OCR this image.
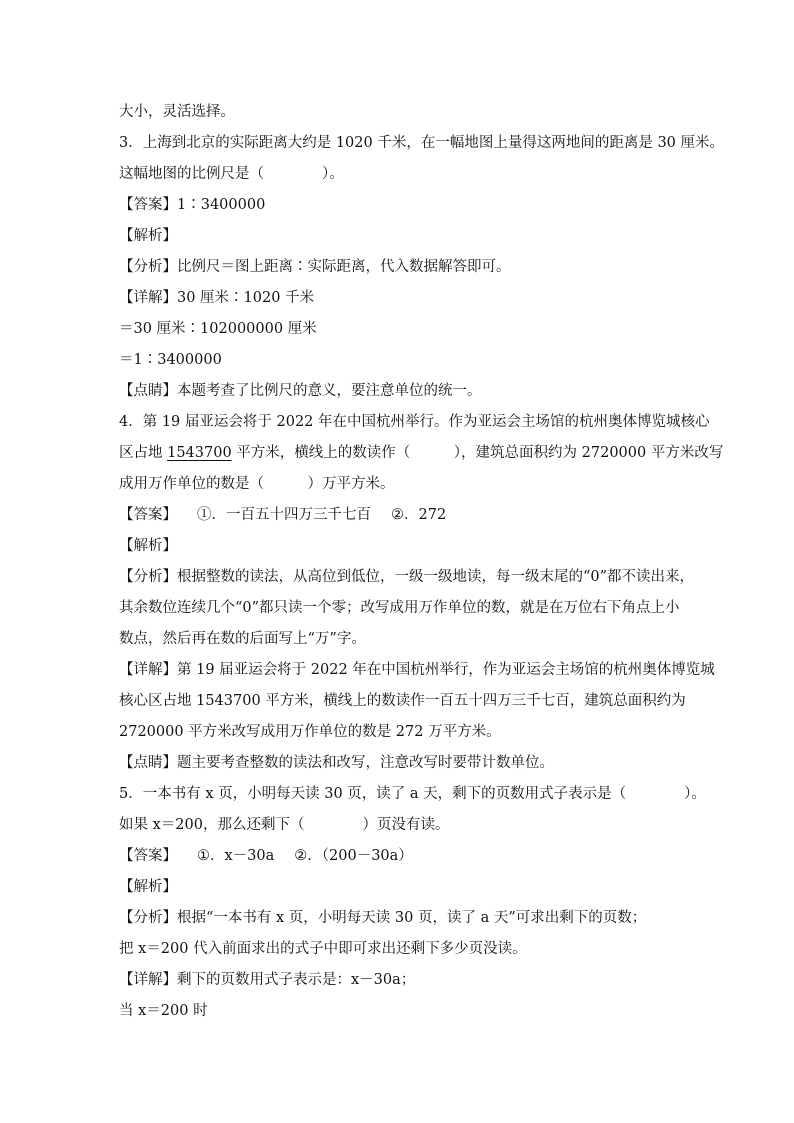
大小，灵活选择。
3．上海到北京的实际距离大约是 1020 千米，在一幅地图上量得这两地间的距离是 30 厘米。
这幅地图的比例尺是（　　　　）。
【答案】1∶3400000
【解析】
【分析】比例尺＝图上距离∶实际距离，代入数据解答即可。
【详解】30 厘米∶1020 千米
＝30 厘米∶102000000 厘米
＝1∶3400000
【点睛】本题考查了比例尺的意义，要注意单位的统一。
4．第 19 届亚运会将于 2022 年在中国杭州举行。作为亚运会主场馆的杭州奥体博览城核心
区占地 1543700 平方米，横线上的数读作（　　　），建筑总面积约为 2720000 平方米改写
成用万作单位的数是（　　　）万平方米。
【答案】 ①．一百五十四万三千七百 ②．272
【解析】
【分析】根据整数的读法，从高位到低位，一级一级地读，每一级末尾的“0”都不读出来，
其余数位连续几个“0”都只读一个零；改写成用万作单位的数，就是在万位右下角点上小
数点，然后再在数的后面写上“万”字。
【详解】第 19 届亚运会将于 2022 年在中国杭州举行，作为亚运会主场馆的杭州奥体博览城
核心区占地 1543700 平方米，横线上的数读作一百五十四万三千七百，建筑总面积约为
2720000 平方米改写成用万作单位的数是 272 万平方米。
【点睛】题主要考查整数的读法和改写，注意改写时要带计数单位。
5．一本书有 x 页，小明每天读 30 页，读了 a 天，剩下的页数用式子表示是（　　　　）。
如果 x＝200，那么还剩下（　　　　）页没有读。
【答案】 ①．x－30a ②．（200－30a）
【解析】
【分析】根据“一本书有 x 页，小明每天读 30 页，读了 a 天”可求出剩下的页数；
把 x＝200 代入前面求出的式子中即可求出还剩下多少页没读。
【详解】剩下的页数用式子表示是：x－30a；
当 x＝200 时
